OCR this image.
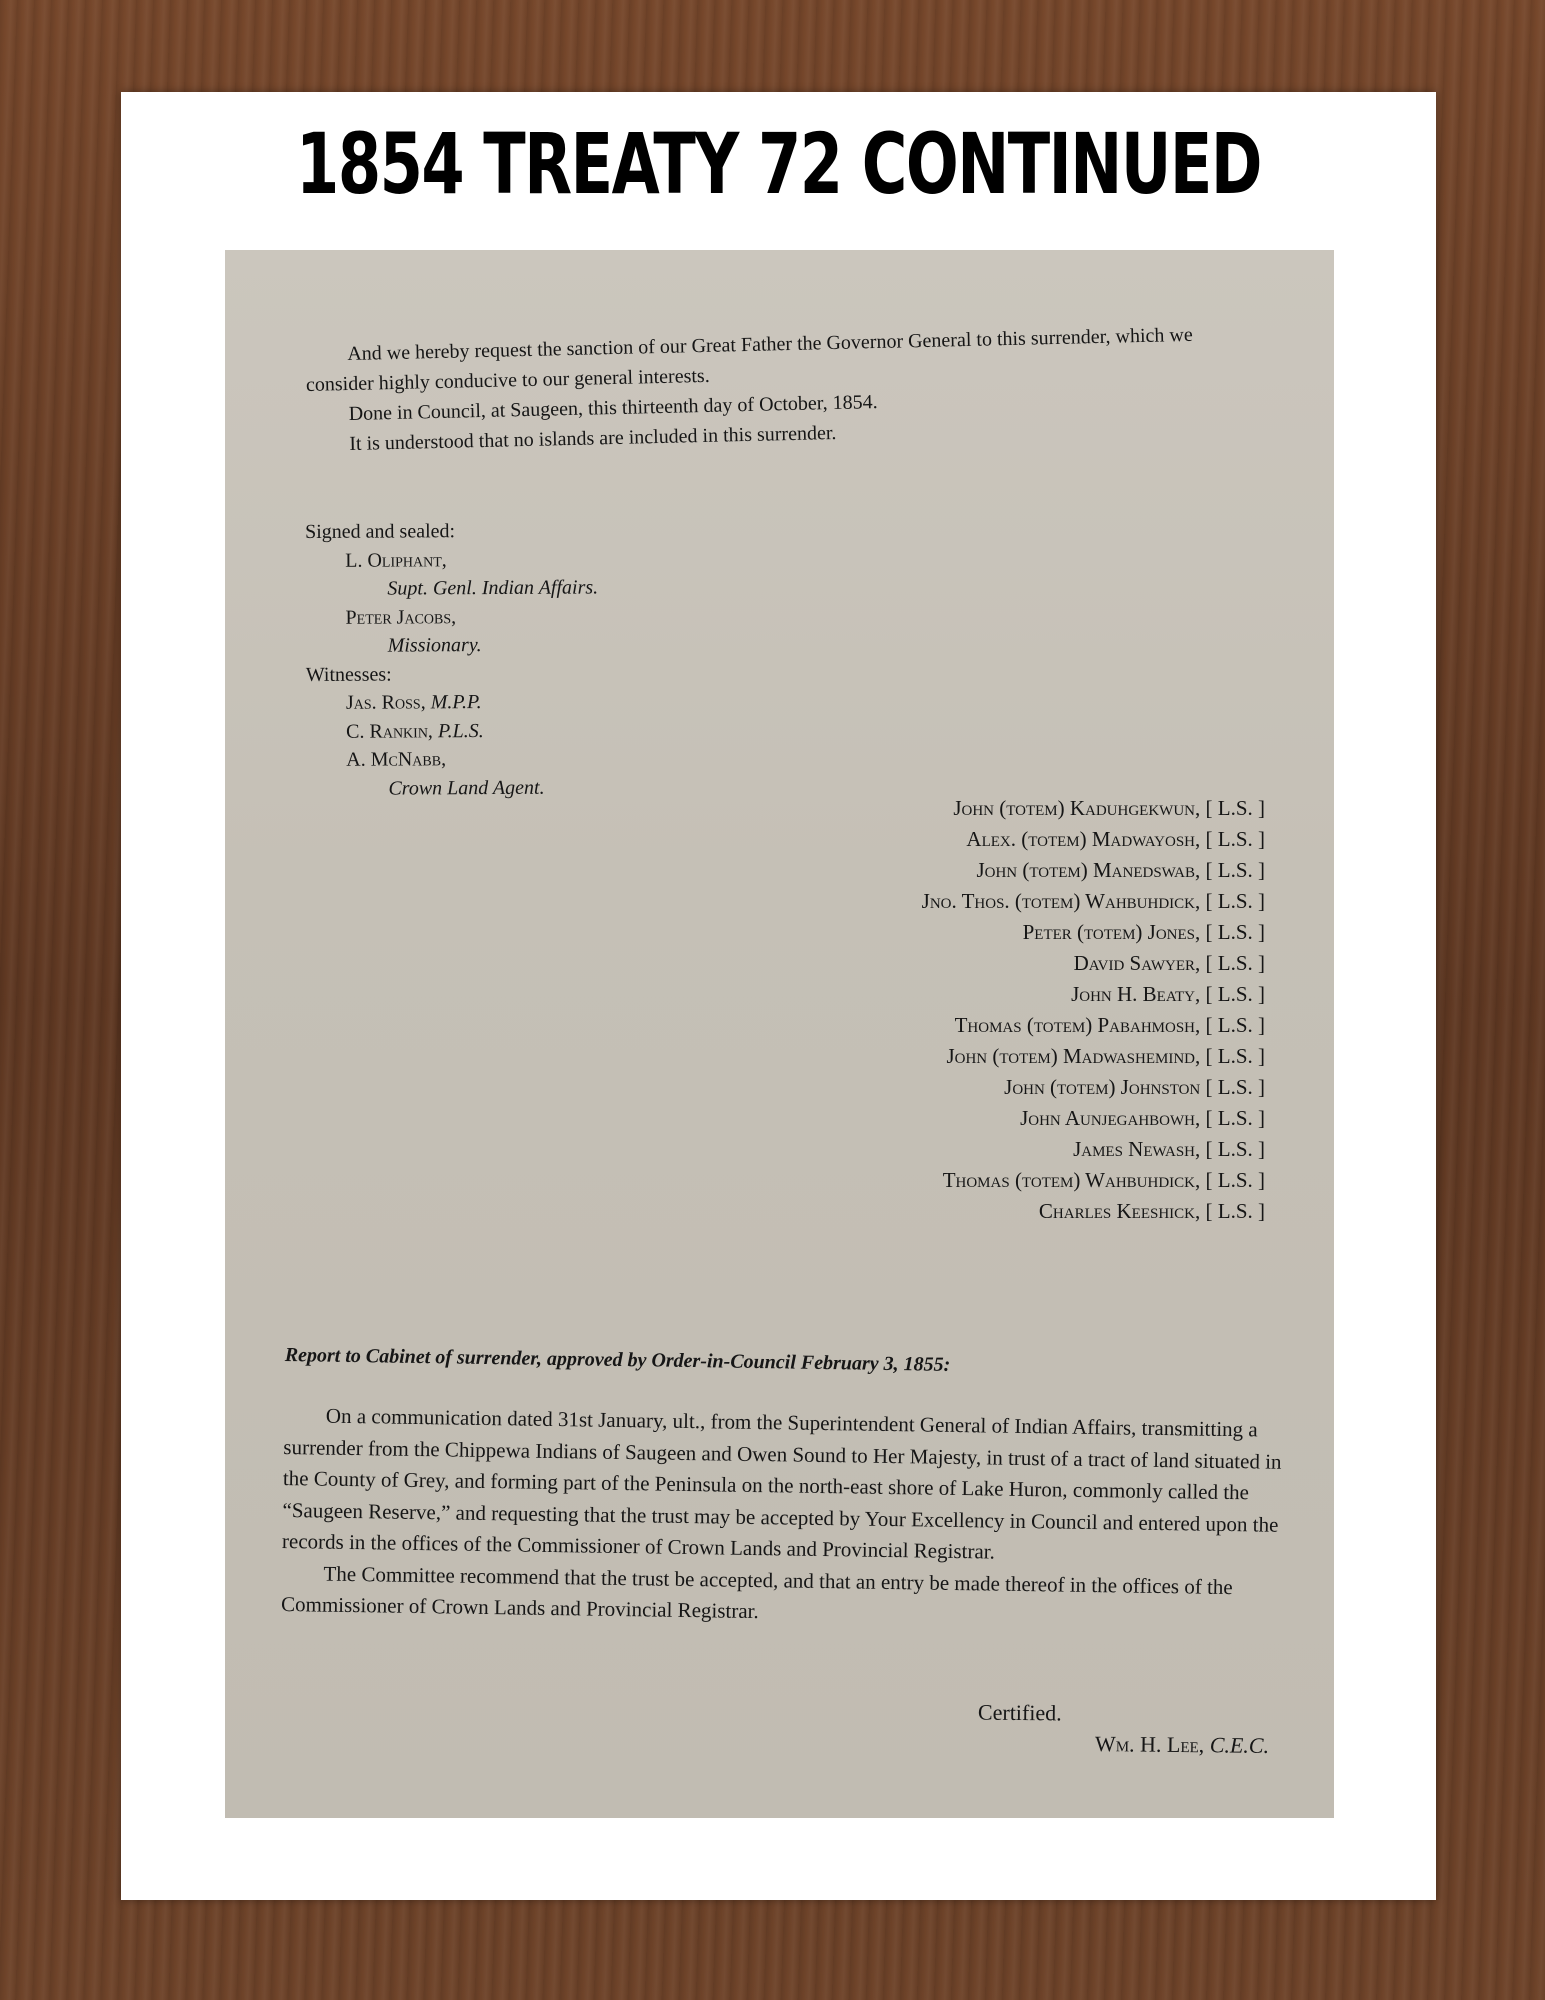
1854 TREATY 72 CONTINUED

And we hereby request the sanction of our Great Father the Governor General to this surrender, which we consider highly conducive to our general interests.

Done in Council, at Saugeen, this thirteenth day of October, 1854.

It is understood that no islands are included in this surrender.

Signed and sealed:

L. Oliphant,

Supt. Genl. Indian Affairs.

Peter Jacobs,

Missionary.

Witnesses:

Jas. Ross, M.P.P.

C. Rankin, P.L.S.

A. McNabb,

Crown Land Agent.

John (totem) Kaduhgekwun, [ L.S. ]
Alex. (totem) Madwayosh, [ L.S. ]
John (totem) Manedswab, [ L.S. ]
Jno. Thos. (totem) Wahbuhdick, [ L.S. ]
Peter (totem) Jones, [ L.S. ]
David Sawyer, [ L.S. ]
John H. Beaty, [ L.S. ]
Thomas (totem) Pabahmosh, [ L.S. ]
John (totem) Madwashemind, [ L.S. ]
John (totem) Johnston [ L.S. ]
John Aunjegahbowh, [ L.S. ]
James Newash, [ L.S. ]
Thomas (totem) Wahbuhdick, [ L.S. ]
Charles Keeshick, [ L.S. ]

Report to Cabinet of surrender, approved by Order-in-Council February 3, 1855:

On a communication dated 31st January, ult., from the Superintendent General of Indian Affairs, transmitting a surrender from the Chippewa Indians of Saugeen and Owen Sound to Her Majesty, in trust of a tract of land situated in the County of Grey, and forming part of the Peninsula on the north-east shore of Lake Huron, commonly called the “Saugeen Reserve,” and requesting that the trust may be accepted by Your Excellency in Council and entered upon the records in the offices of the Commissioner of Crown Lands and Provincial Registrar.

The Committee recommend that the trust be accepted, and that an entry be made thereof in the offices of the Commissioner of Crown Lands and Provincial Registrar.

Certified.
Wm. H. Lee, C.E.C.
